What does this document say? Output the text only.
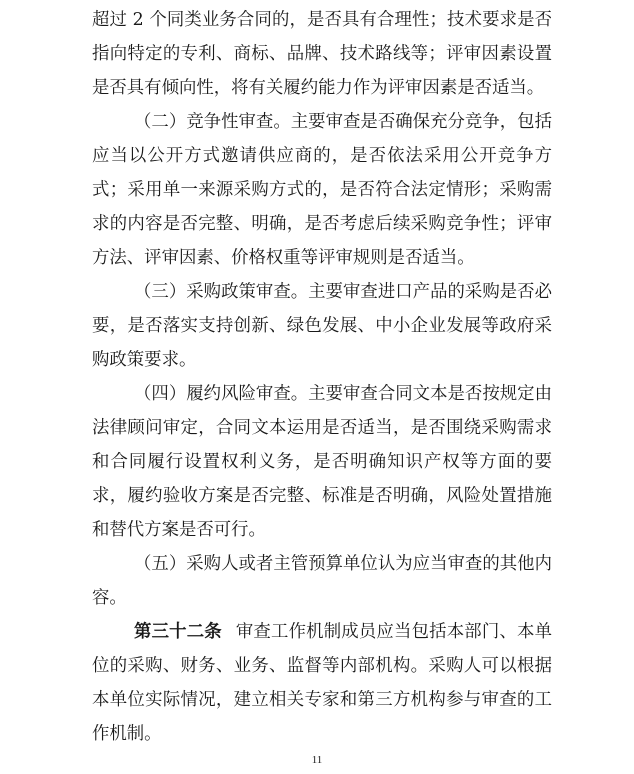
超过 2 个同类业务合同的，是否具有合理性；技术要求是否
指向特定的专利、商标、品牌、技术路线等；评审因素设置
是否具有倾向性，将有关履约能力作为评审因素是否适当。
（二）竞争性审查。主要审查是否确保充分竞争，包括
应当以公开方式邀请供应商的，是否依法采用公开竞争方
式；采用单一来源采购方式的，是否符合法定情形；采购需
求的内容是否完整、明确，是否考虑后续采购竞争性；评审
方法、评审因素、价格权重等评审规则是否适当。
（三）采购政策审查。主要审查进口产品的采购是否必
要，是否落实支持创新、绿色发展、中小企业发展等政府采
购政策要求。
（四）履约风险审查。主要审查合同文本是否按规定由
法律顾问审定，合同文本运用是否适当，是否围绕采购需求
和合同履行设置权利义务，是否明确知识产权等方面的要
求，履约验收方案是否完整、标准是否明确，风险处置措施
和替代方案是否可行。
（五）采购人或者主管预算单位认为应当审查的其他内
容。
第三十二条 审查工作机制成员应当包括本部门、本单
位的采购、财务、业务、监督等内部机构。采购人可以根据
本单位实际情况，建立相关专家和第三方机构参与审查的工
作机制。
11
